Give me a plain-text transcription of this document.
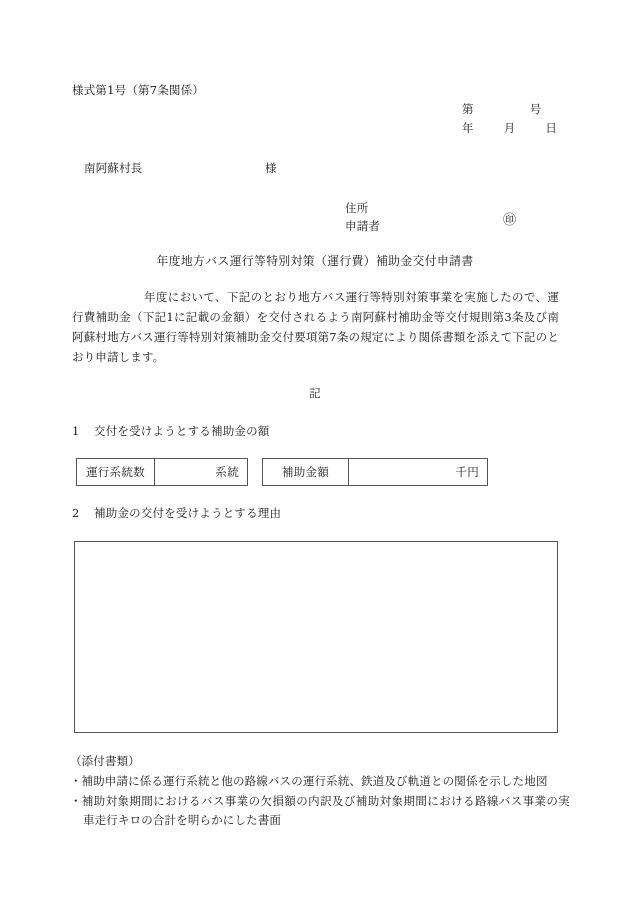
様式第1号（第7条関係）
第	号
年	月	日
南阿蘇村長	様
住所
申請者	㊞
年度地方バス運行等特別対策（運行費）補助金交付申請書
年度において、下記のとおり地方バス運行等特別対策事業を実施したので、運行費補助金（下記1に記載の金額）を交付されるよう南阿蘇村補助金等交付規則第3条及び南阿蘇村地方バス運行等特別対策補助金交付要項第7条の規定により関係書類を添えて下記のとおり申請します。
記
1 交付を受けようとする補助金の額
運行系統数	系統	補助金額	千円
2 補助金の交付を受けようとする理由
（添付書類）
・補助申請に係る運行系統と他の路線バスの運行系統、鉄道及び軌道との関係を示した地図
・補助対象期間におけるバス事業の欠損額の内訳及び補助対象期間における路線バス事業の実車走行キロの合計を明らかにした書面
